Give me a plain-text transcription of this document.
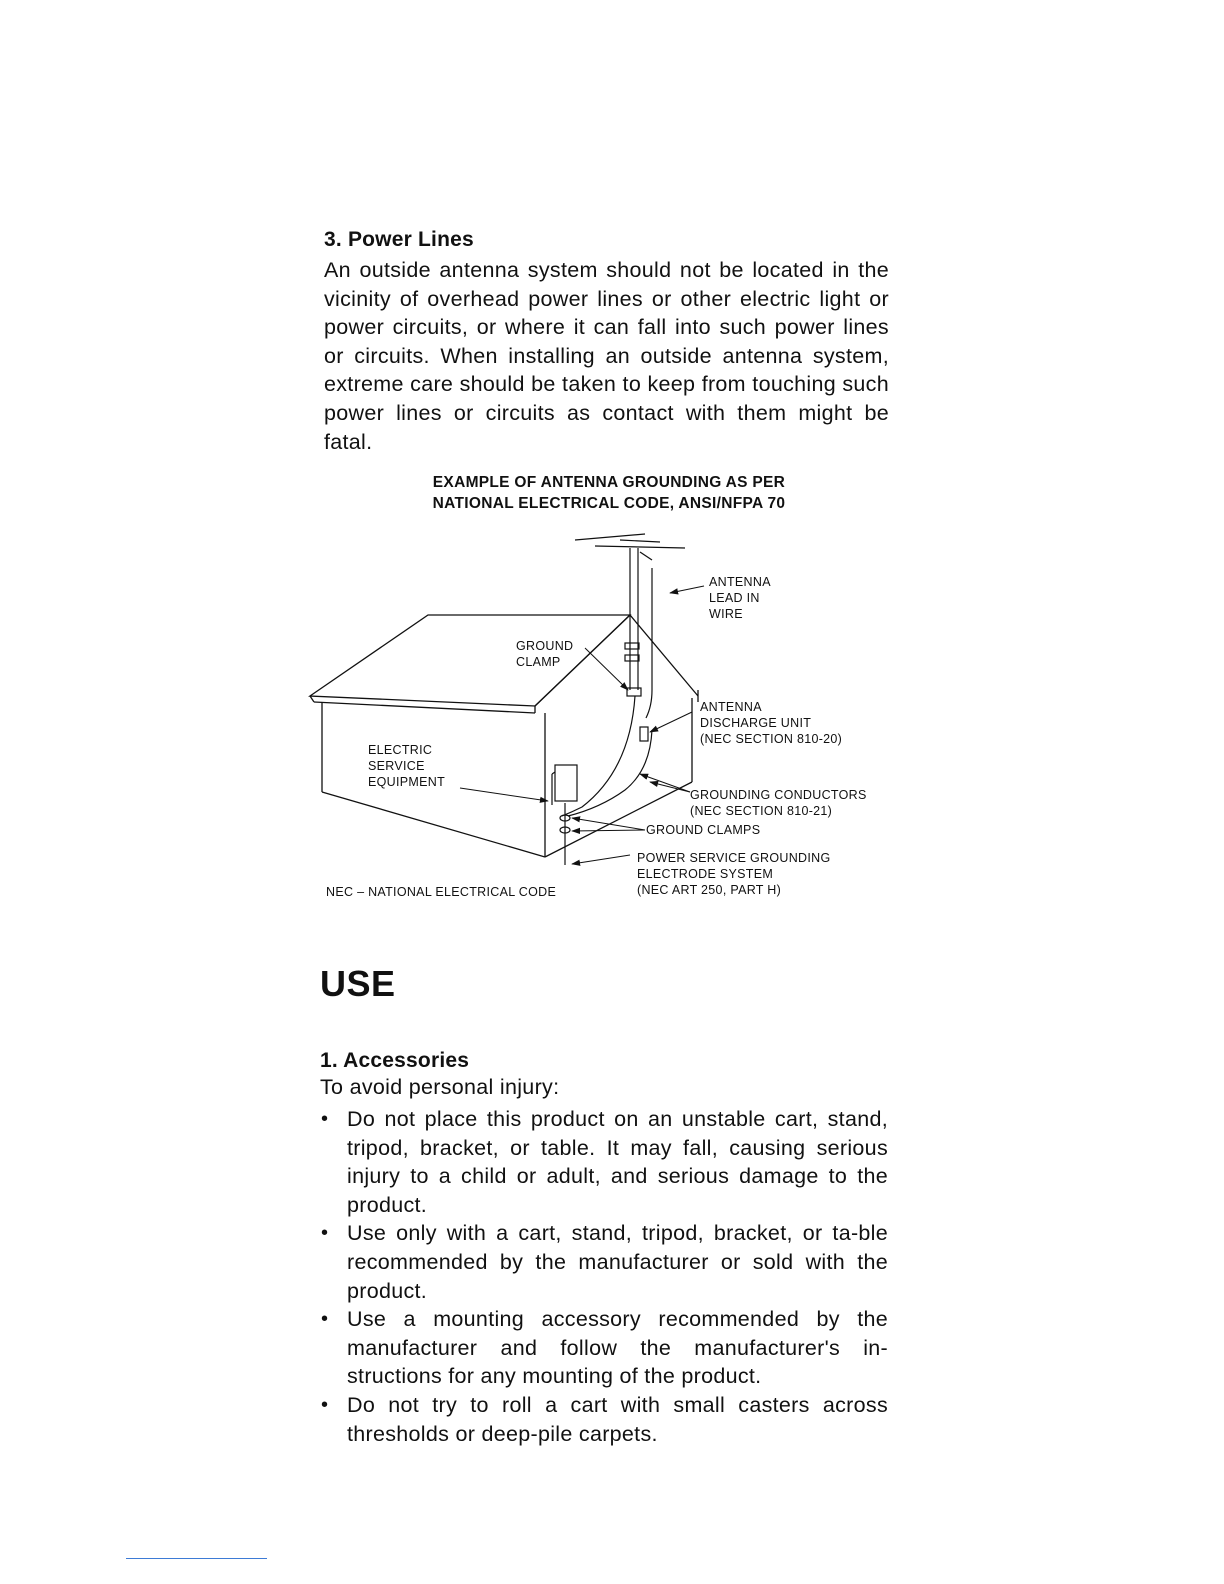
3. Power Lines

An outside antenna system should not be located in the vicinity of overhead power lines or other electric light or power circuits, or where it can fall into such power lines or circuits. When installing an outside antenna system, extreme care should be taken to keep from touching such power lines or circuits as contact with them might be fatal.

EXAMPLE OF ANTENNA GROUNDING AS PER
NATIONAL ELECTRICAL CODE, ANSI/NFPA 70
ANTENNA
LEAD IN
WIRE
GROUND
CLAMP
ANTENNA
DISCHARGE UNIT
(NEC SECTION 810-20)
ELECTRIC
SERVICE
EQUIPMENT
GROUNDING CONDUCTORS
(NEC SECTION 810-21)
GROUND CLAMPS
POWER SERVICE GROUNDING
ELECTRODE SYSTEM
(NEC ART 250, PART H)
NEC – NATIONAL ELECTRICAL CODE
USE
1. Accessories
To avoid personal injury:
• Do not place this product on an unstable cart, stand, tripod, bracket, or table. It may fall, causing serious injury to a child or adult, and serious damage to the product.
• Use only with a cart, stand, tripod, bracket, or ta-ble recommended by the manufacturer or sold with the product.
• Use a mounting accessory recommended by the manufacturer and follow the manufacturer's in-structions for any mounting of the product.
• Do not try to roll a cart with small casters across thresholds or deep-pile carpets.
